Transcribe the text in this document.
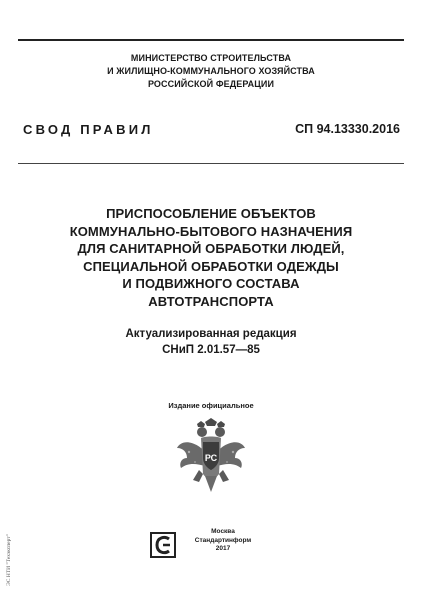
МИНИСТЕРСТВО СТРОИТЕЛЬСТВА
И ЖИЛИЩНО-КОММУНАЛЬНОГО ХОЗЯЙСТВА
РОССИЙСКОЙ ФЕДЕРАЦИИ
СВОД ПРАВИЛ	СП 94.13330.2016
ПРИСПОСОБЛЕНИЕ ОБЪЕКТОВ
КОММУНАЛЬНО-БЫТОВОГО НАЗНАЧЕНИЯ
ДЛЯ САНИТАРНОЙ ОБРАБОТКИ ЛЮДЕЙ,
СПЕЦИАЛЬНОЙ ОБРАБОТКИ ОДЕЖДЫ
И ПОДВИЖНОГО СОСТАВА
АВТОТРАНСПОРТА
Актуализированная редакция
СНиП 2.01.57—85
Издание официальное
РС
Москва
Стандартинформ
2017
ЭС НТИ "Техэксперт"
